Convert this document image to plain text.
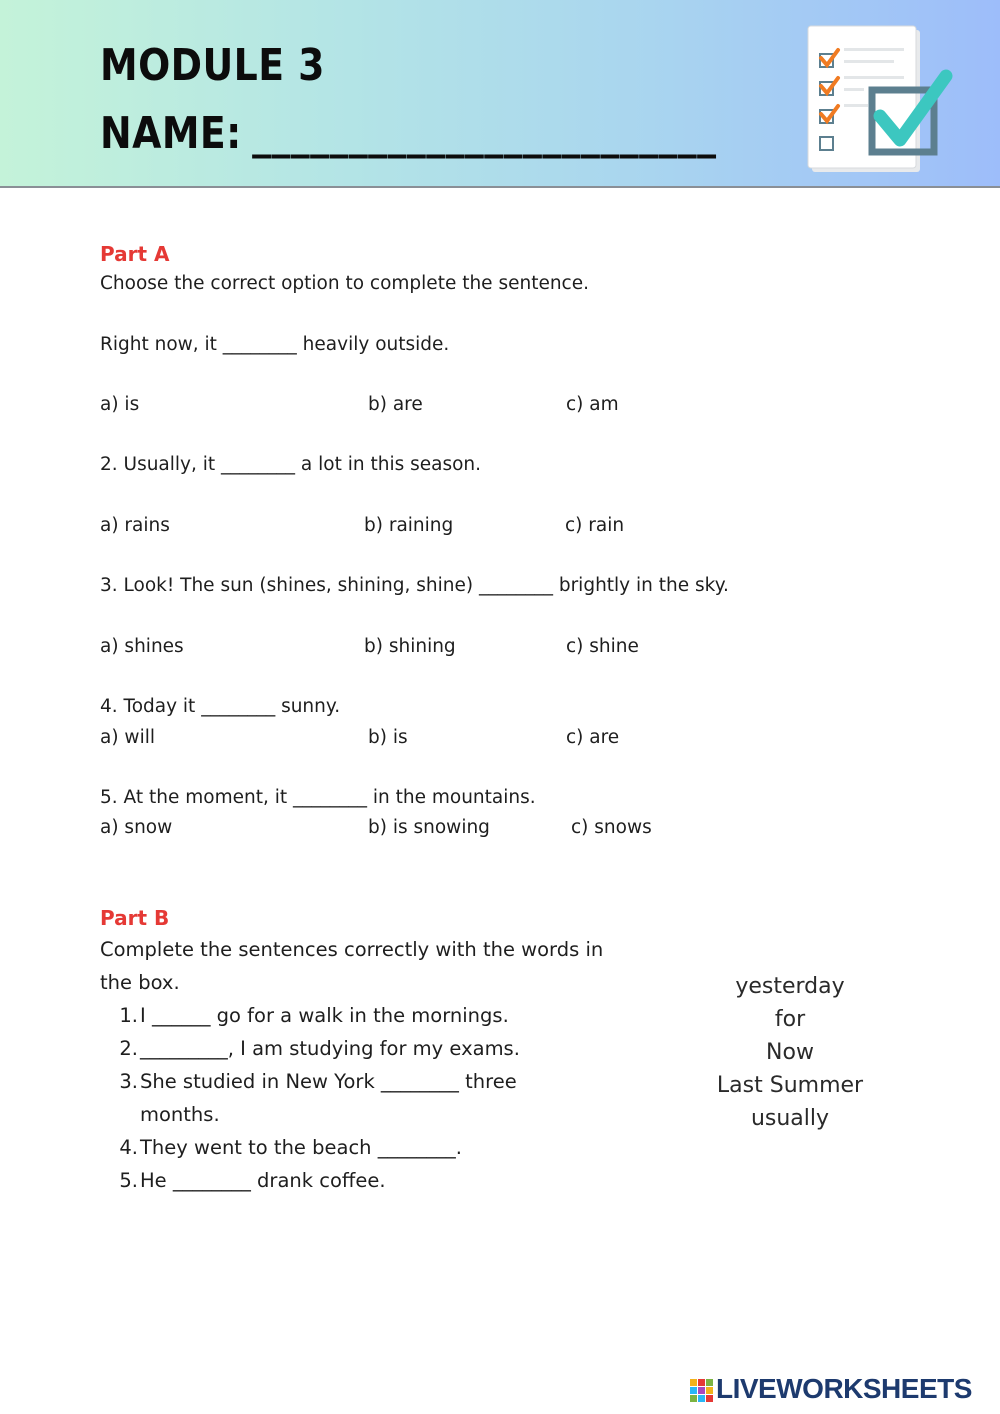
MODULE 3
NAME: ________________________
Part A
Choose the correct option to complete the sentence.
Right now, it ________ heavily outside.
a) is	b) are	c) am
2. Usually, it ________ a lot in this season.
a) rains	b) raining	c) rain
3. Look! The sun (shines, shining, shine) ________ brightly in the sky.
a) shines	b) shining	c) shine
4. Today it ________ sunny.
a) will	b) is	c) are
5. At the moment, it ________ in the mountains.
a) snow	b) is snowing	c) snows
Part B
Complete the sentences correctly with the words in
the box.
1. I ______ go for a walk in the mornings.
2. _________, I am studying for my exams.
3. She studied in New York ________ three
months.
4. They went to the beach ________.
5. He ________ drank coffee.
yesterday
for
Now
Last Summer
usually
LIVEWORKSHEETS
